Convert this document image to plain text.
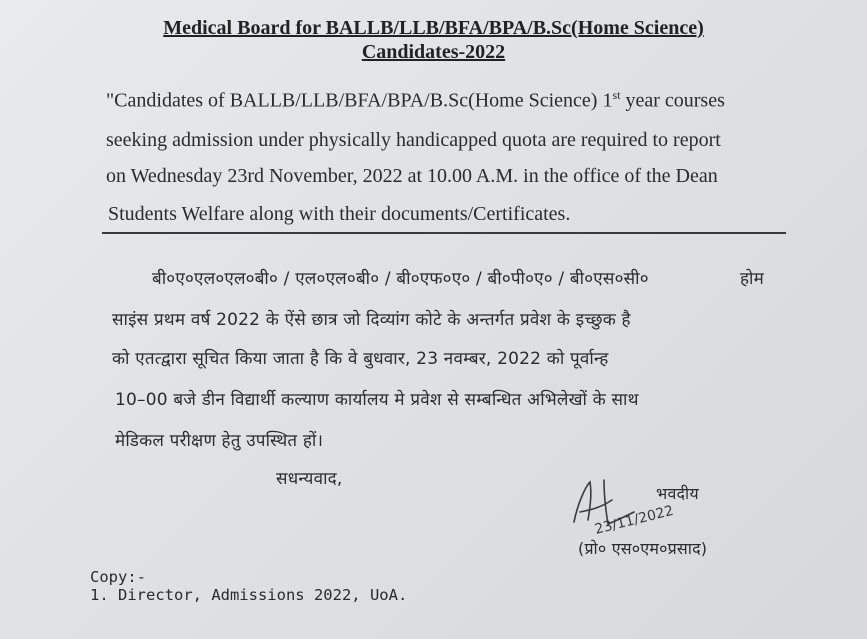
Medical Board for BALLB/LLB/BFA/BPA/B.Sc(Home Science)
Candidates-2022
"Candidates of BALLB/LLB/BFA/BPA/B.Sc(Home Science) 1st year courses
seeking admission under physically handicapped quota are required to report
on Wednesday 23rd November, 2022 at 10.00 A.M. in the office of the Dean
Students Welfare along with their documents/Certificates.
बी०ए०एल०एल०बी० / एल०एल०बी० / बी०एफ०ए० / बी०पी०ए० / बी०एस०सी०	होम
साइंस प्रथम वर्ष 2022 के ऐंसे छात्र जो दिव्यांग कोटे के अन्तर्गत प्रवेश के इच्छुक है
को एतत्द्वारा सूचित किया जाता है कि वे बुधवार, 23 नवम्बर, 2022 को पूर्वान्ह
10–00 बजे डीन विद्यार्थी कल्याण कार्यालय मे प्रवेश से सम्बन्धित अभिलेखों के साथ
मेडिकल परीक्षण हेतु उपस्थित हों।
सधन्यवाद,
23/11/2022
भवदीय
(प्रो० एस०एम०प्रसाद)
Copy:-
1. Director, Admissions 2022, UoA.
